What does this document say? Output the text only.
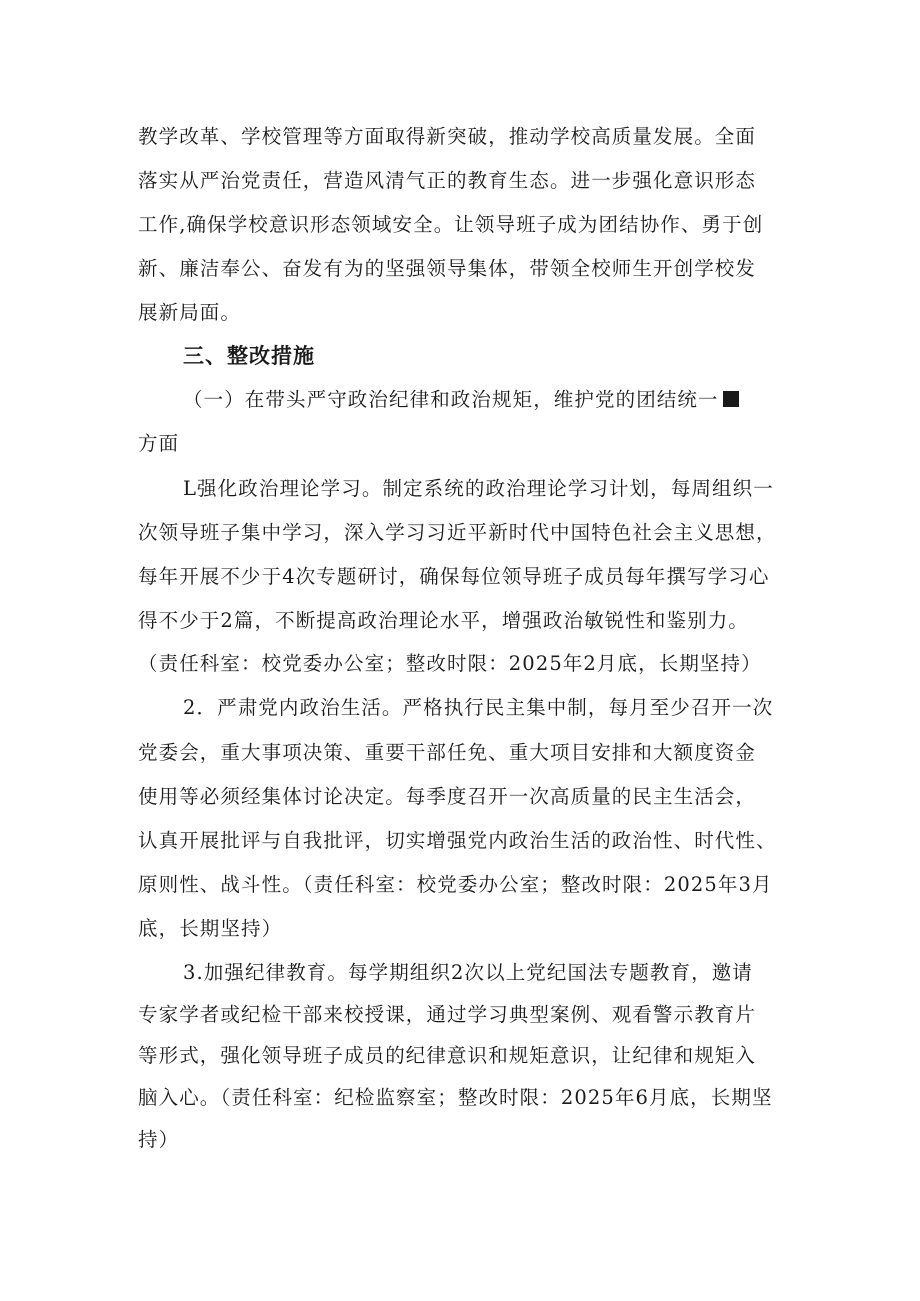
教学改革、学校管理等方面取得新突破，推动学校高质量发展。全面
落实从严治党责任，营造风清气正的教育生态。进一步强化意识形态
工作,确保学校意识形态领域安全。让领导班子成为团结协作、勇于创
新、廉洁奉公、奋发有为的坚强领导集体，带领全校师生开创学校发
展新局面。
三、整改措施
（一）在带头严守政治纪律和政治规矩，维护党的团结统一
方面
L强化政治理论学习。制定系统的政治理论学习计划，每周组织一
次领导班子集中学习，深入学习习近平新时代中国特色社会主义思想，
每年开展不少于4次专题研讨，确保每位领导班子成员每年撰写学习心
得不少于2篇，不断提高政治理论水平，增强政治敏锐性和鉴别力。
（责任科室：校党委办公室；整改时限：2025年2月底，长期坚持）
2．严肃党内政治生活。严格执行民主集中制，每月至少召开一次
党委会，重大事项决策、重要干部任免、重大项目安排和大额度资金
使用等必须经集体讨论决定。每季度召开一次高质量的民主生活会，
认真开展批评与自我批评，切实增强党内政治生活的政治性、时代性、
原则性、战斗性。（责任科室：校党委办公室；整改时限：2025年3月
底，长期坚持）
3.加强纪律教育。每学期组织2次以上党纪国法专题教育，邀请
专家学者或纪检干部来校授课，通过学习典型案例、观看警示教育片
等形式，强化领导班子成员的纪律意识和规矩意识，让纪律和规矩入
脑入心。（责任科室：纪检监察室；整改时限：2025年6月底，长期坚
持）
